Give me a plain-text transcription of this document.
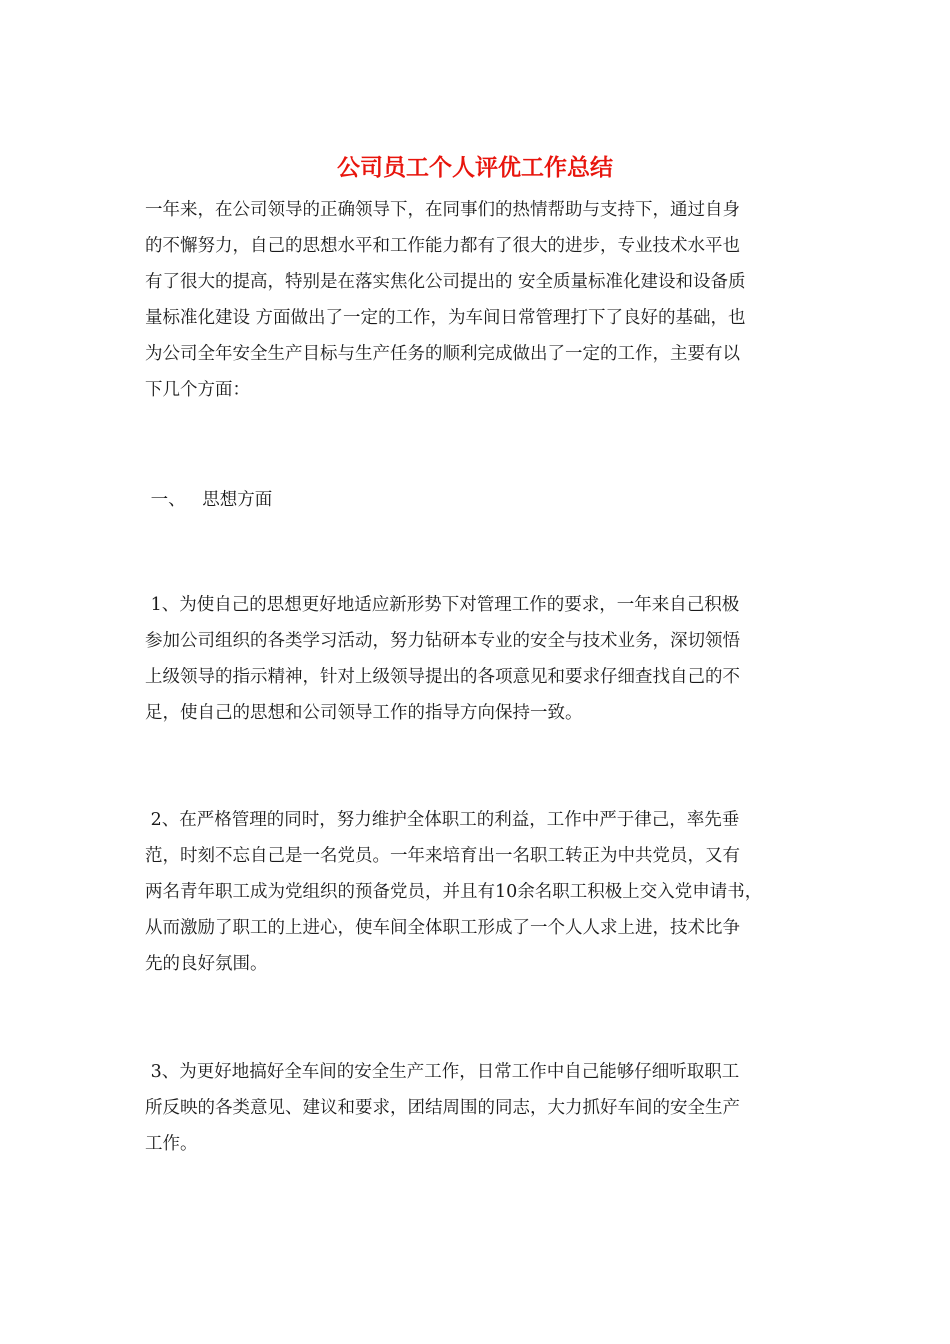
公司员工个人评优工作总结
一年来，在公司领导的正确领导下，在同事们的热情帮助与支持下，通过自身
的不懈努力，自己的思想水平和工作能力都有了很大的进步，专业技术水平也
有了很大的提高，特别是在落实焦化公司提出的 安全质量标准化建设和设备质
量标准化建设 方面做出了一定的工作，为车间日常管理打下了良好的基础，也
为公司全年安全生产目标与生产任务的顺利完成做出了一定的工作，主要有以
下几个方面：
一、   思想方面
1、为使自己的思想更好地适应新形势下对管理工作的要求，一年来自己积极
参加公司组织的各类学习活动，努力钻研本专业的安全与技术业务，深切领悟
上级领导的指示精神，针对上级领导提出的各项意见和要求仔细查找自己的不
足，使自己的思想和公司领导工作的指导方向保持一致。
2、在严格管理的同时，努力维护全体职工的利益，工作中严于律己，率先垂
范，时刻不忘自己是一名党员。一年来培育出一名职工转正为中共党员，又有
两名青年职工成为党组织的预备党员，并且有10余名职工积极上交入党申请书，
从而激励了职工的上进心，使车间全体职工形成了一个人人求上进，技术比争
先的良好氛围。
3、为更好地搞好全车间的安全生产工作，日常工作中自己能够仔细听取职工
所反映的各类意见、建议和要求，团结周围的同志，大力抓好车间的安全生产
工作。
